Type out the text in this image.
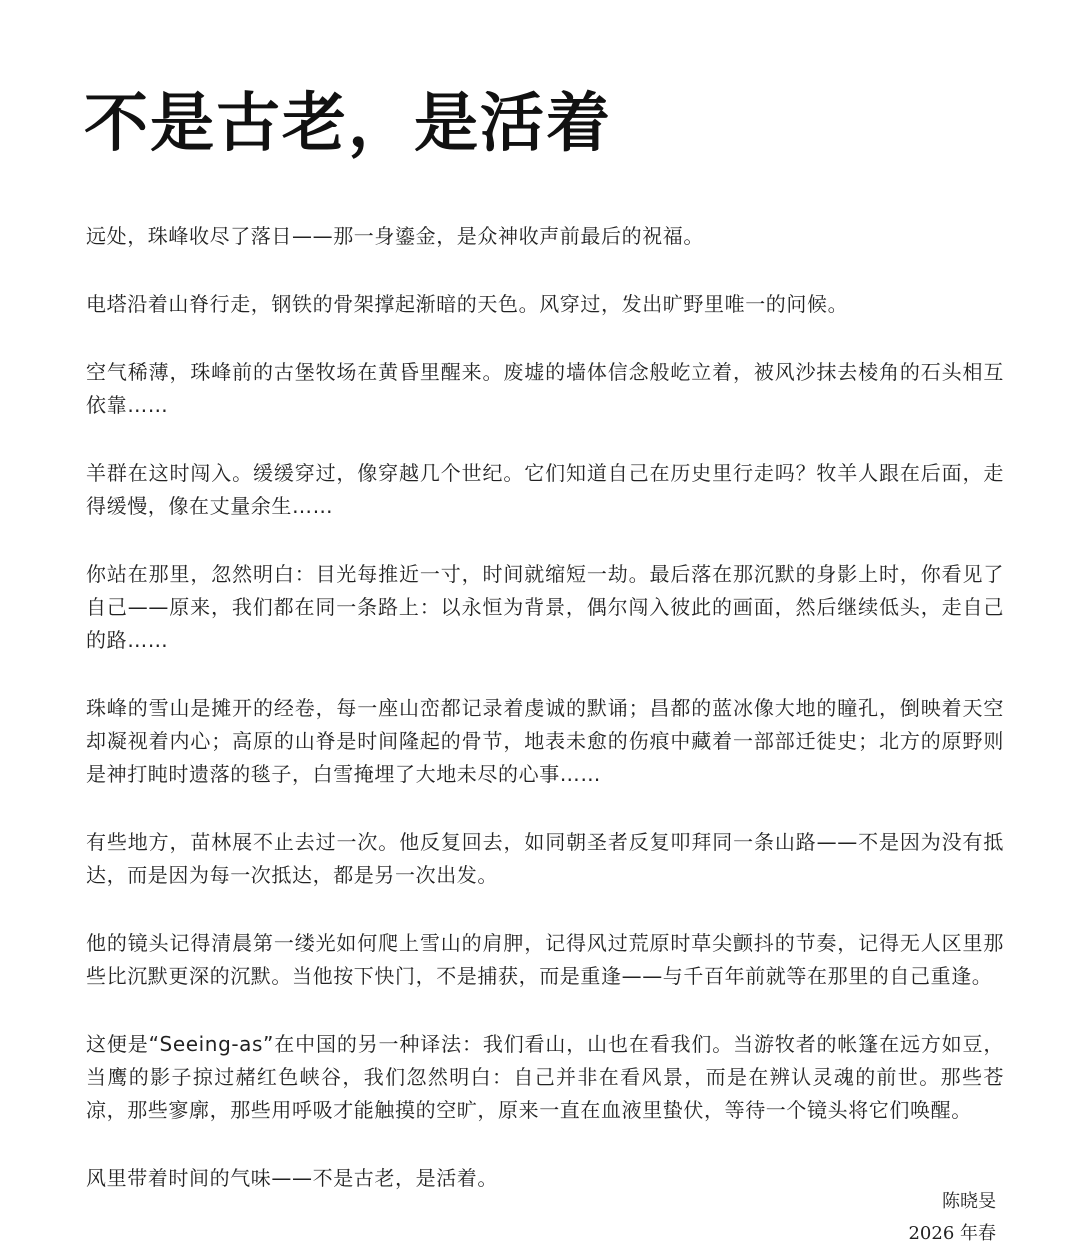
不是古老，是活着

远处，珠峰收尽了落日——那一身鎏金，是众神收声前最后的祝福。

电塔沿着山脊行走，钢铁的骨架撑起渐暗的天色。风穿过，发出旷野里唯一的问候。

空气稀薄，珠峰前的古堡牧场在黄昏里醒来。废墟的墙体信念般屹立着，被风沙抹去棱角的石头相互依靠……

羊群在这时闯入。缓缓穿过，像穿越几个世纪。它们知道自己在历史里行走吗？牧羊人跟在后面，走得缓慢，像在丈量余生……

你站在那里，忽然明白：目光每推近一寸，时间就缩短一劫。最后落在那沉默的身影上时，你看见了自己——原来，我们都在同一条路上：以永恒为背景，偶尔闯入彼此的画面，然后继续低头，走自己的路……

珠峰的雪山是摊开的经卷，每一座山峦都记录着虔诚的默诵；昌都的蓝冰像大地的瞳孔，倒映着天空却凝视着内心；高原的山脊是时间隆起的骨节，地表未愈的伤痕中藏着一部部迁徙史；北方的原野则是神打盹时遗落的毯子，白雪掩埋了大地未尽的心事……

有些地方，苗林展不止去过一次。他反复回去，如同朝圣者反复叩拜同一条山路——不是因为没有抵达，而是因为每一次抵达，都是另一次出发。

他的镜头记得清晨第一缕光如何爬上雪山的肩胛，记得风过荒原时草尖颤抖的节奏，记得无人区里那些比沉默更深的沉默。当他按下快门，不是捕获，而是重逢——与千百年前就等在那里的自己重逢。

这便是“Seeing-as”在中国的另一种译法：我们看山，山也在看我们。当游牧者的帐篷在远方如豆，当鹰的影子掠过赭红色峡谷，我们忽然明白：自己并非在看风景，而是在辨认灵魂的前世。那些苍凉，那些寥廓，那些用呼吸才能触摸的空旷，原来一直在血液里蛰伏，等待一个镜头将它们唤醒。

风里带着时间的气味——不是古老，是活着。

陈晓旻
2026 年春
